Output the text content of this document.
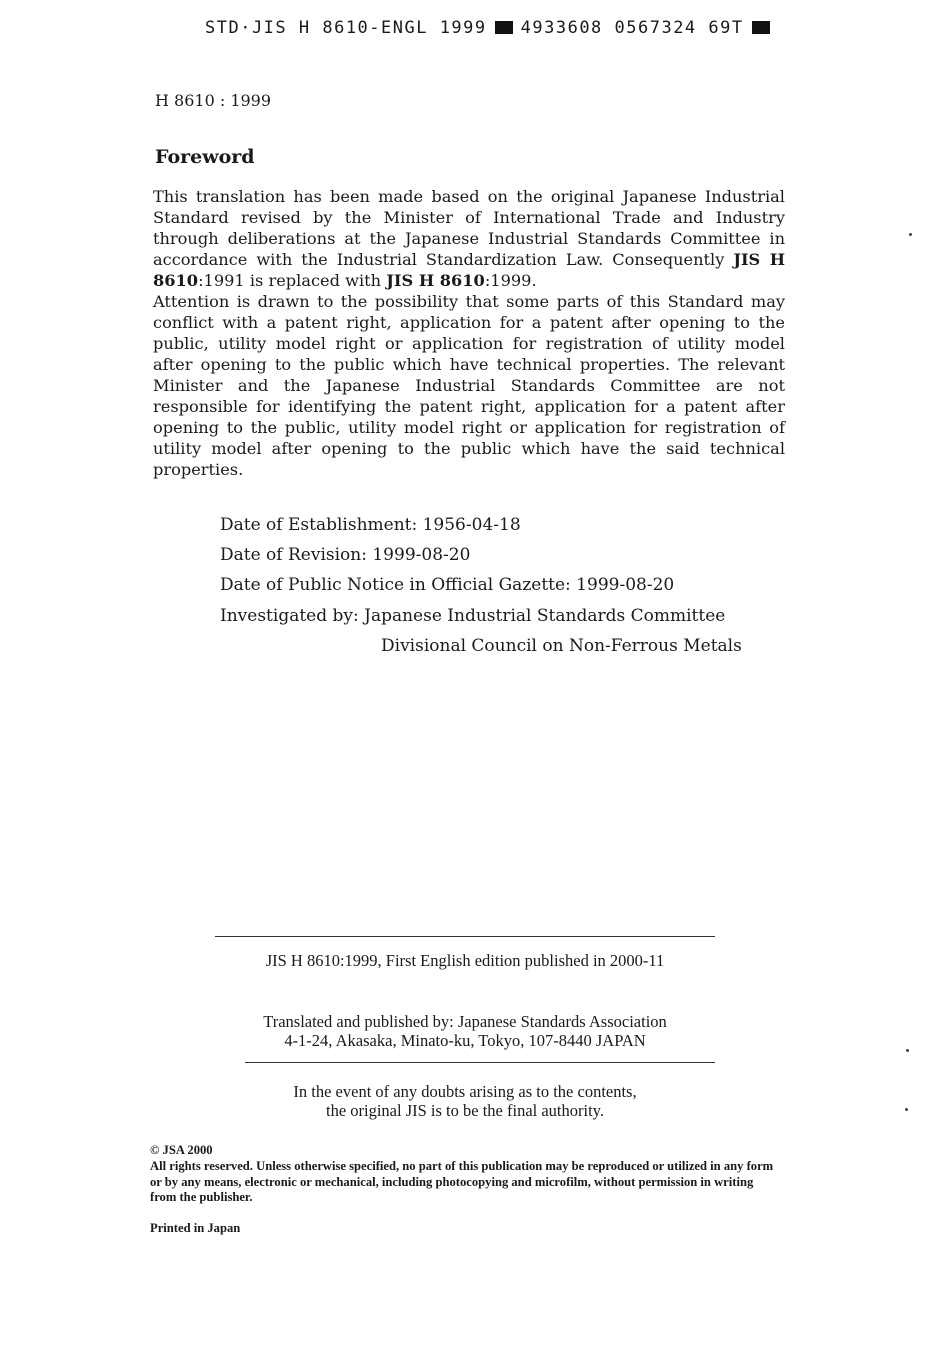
STD·JIS H 8610-ENGL 1999 4933608 0567324 69T
H 8610 : 1999
Foreword

This translation has been made based on the original Japanese Industrial Standard revised by the Minister of International Trade and Industry through deliberations at the Japanese Industrial Standards Committee in accordance with the Industrial Standardization Law. Consequently JIS H 8610:1991 is replaced with JIS H 8610:1999.

Attention is drawn to the possibility that some parts of this Standard may conflict with a patent right, application for a patent after opening to the public, utility model right or application for registration of utility model after opening to the public which have technical properties. The relevant Minister and the Japanese Industrial Standards Committee are not responsible for identifying the patent right, application for a patent after opening to the public, utility model right or application for registration of utility model after opening to the public which have the said technical properties.

Date of Establishment: 1956-04-18
Date of Revision: 1999-08-20
Date of Public Notice in Official Gazette: 1999-08-20
Investigated by: Japanese Industrial Standards Committee
Divisional Council on Non-Ferrous Metals
JIS H 8610:1999, First English edition published in 2000-11
Translated and published by: Japanese Standards Association
4-1-24, Akasaka, Minato-ku, Tokyo, 107-8440 JAPAN
In the event of any doubts arising as to the contents,
the original JIS is to be the final authority.
© JSA 2000
All rights reserved. Unless otherwise specified, no part of this publication may be reproduced or utilized in any form or by any means, electronic or mechanical, including photocopying and microfilm, without permission in writing from the publisher.
Printed in Japan
